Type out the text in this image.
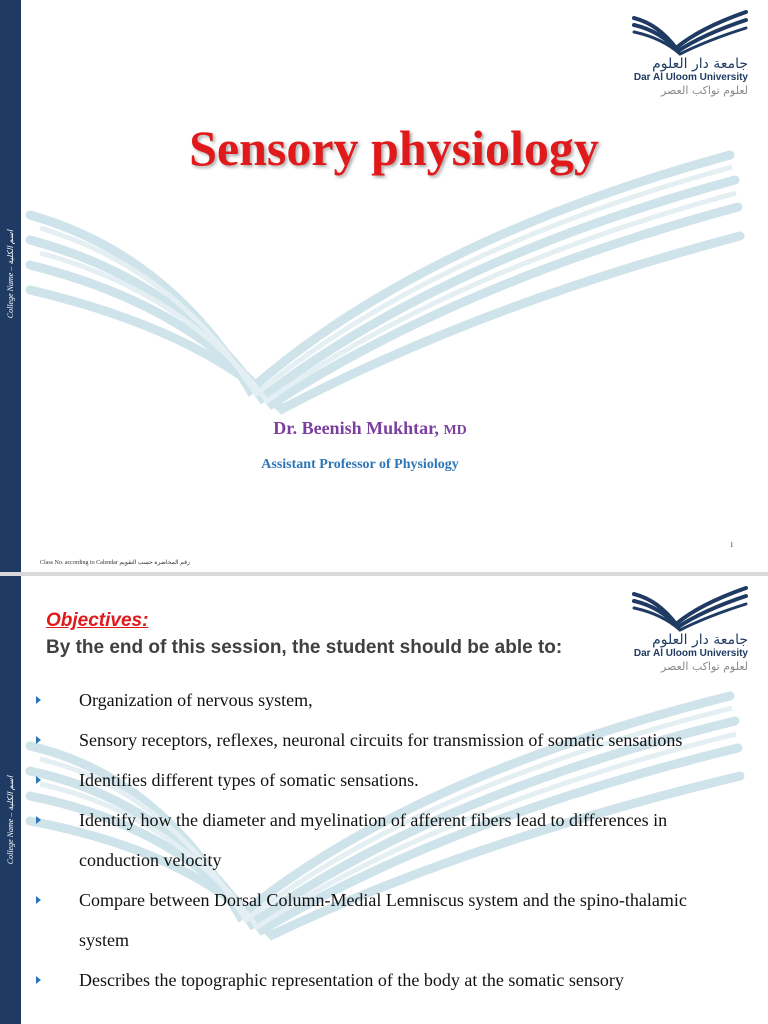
College Name – اسم الكلية
جامعة دار العلوم
Dar Al Uloom University
لعلوم تواكب العصر
Sensory physiology
Dr. Beenish Mukhtar, MD
Assistant Professor of Physiology
1
Class No. according to Calendar رقم المحاضرة حسب التقويم
College Name – اسم الكلية
جامعة دار العلوم
Dar Al Uloom University
لعلوم تواكب العصر
Objectives:
By the end of this session, the student should be able to:
Organization of nervous system,
Sensory receptors, reflexes, neuronal circuits for transmission of somatic sensations
Identifies different types of somatic sensations.
Identify how the diameter and myelination of afferent fibers lead to differences in conduction velocity
Compare between Dorsal Column-Medial Lemniscus system and the spino-thalamic system
Describes the topographic representation of the body at the somatic sensory
